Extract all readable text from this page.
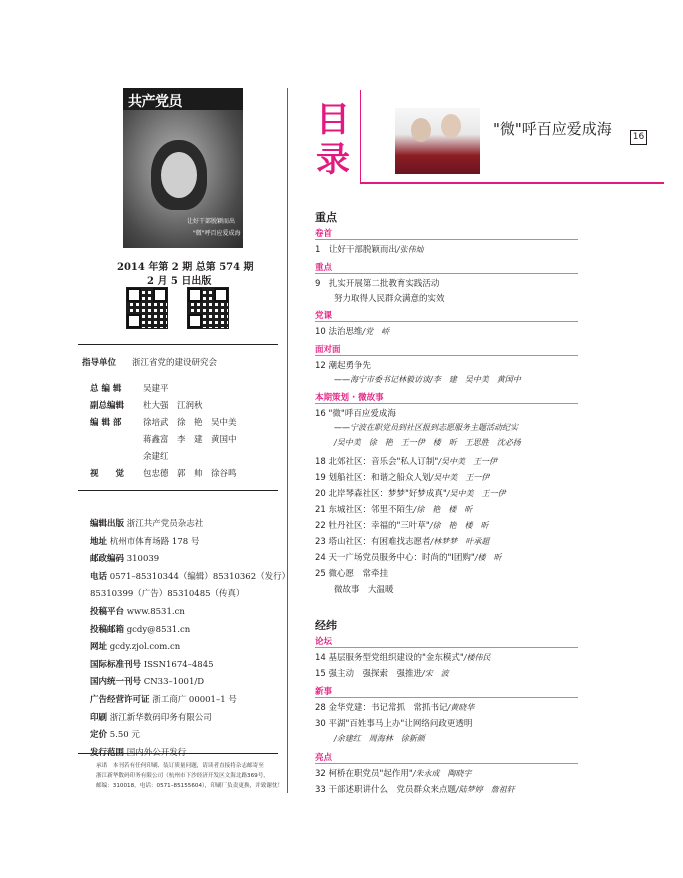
共产党员
让好干部脱颖而出
"微"呼百应爱成海
2014 年第 2 期 总第 574 期
2 月 5 日出版
指导单位 浙江省党的建设研究会
总 编 辑	吴建平
副总编辑 杜大强　江润秋
编 辑 部	徐培武　徐　艳　吴中美
蒋鑫富　李　建　黄国中
余建红
视　　觉 包忠德　郭　帅　徐谷鸣
编辑出版 浙江共产党员杂志社
地址 杭州市体育场路 178 号
邮政编码 310039
电话 0571–85310344（编辑）85310362（发行）
85310399（广告）85310485（传真）
投稿平台 www.8531.cn
投稿邮箱 gcdy@8531.cn
网址 gcdy.zjol.com.cn
国际标准刊号 ISSN1674–4845
国内统一刊号 CN33–1001/D
广告经营许可证 浙工商广 00001–1 号
印刷 浙江新华数码印务有限公司
定价 5.50 元
发行范围 国内外公开发行
承诺　本刊若有任何印刷、装订质量问题，请读者直接将杂志邮寄至
浙江新华数码印务有限公司（杭州市下沙经济开发区文海北路369号，
邮编：310018，电话：0571–85155604），印刷厂负责更换，并致谢忱！
目
录
"微"呼百应爱成海	16
重点
卷首
1　让好干部脱颖而出/张伟灿
重点
9　扎实开展第二批教育实践活动
努力取得人民群众满意的实效
党课
10 法治思维/党　峤
面对面
12 潮起勇争先
——海宁市委书记林毅访谈/李　建　吴中美　黄国中
本期策划 · 微故事
16 "微"呼百应爱成海
——宁波在职党员到社区报到志愿服务主题活动纪实
/吴中美　徐　艳　王一伊　楼　昕　王思胜　沈必扬
18 北郊社区：音乐会"私人订制"/吴中美　王一伊
19 划船社区：和谐之船众人划/吴中美　王一伊
20 北岸琴森社区：梦梦"好梦成真"/吴中美　王一伊
21 东城社区：邻里不陌生/徐　艳　楼　昕
22 牡丹社区：幸福的"三叶草"/徐　艳　楼　昕
23 塔山社区：有困难找志愿者/林梦梦　叶承超
24 天一广场党员服务中心：时尚的"I团购"/楼　昕
25 微心愿　常牵挂
微故事　大温暖
经纬
论坛
14 基层服务型党组织建设的"金东模式"/楼伟民
15 强主动　强探索　强推进/宋　波
新事
28 金华党建：书记常抓　常抓书记/黄晓华
30 平湖"百姓事马上办"让网络问政更透明
/余建红　周海林　徐新颜
亮点
32 柯桥在职党员"起作用"/朱永成　陶晓宇
33 干部述职讲什么　党员群众来点题/陆梦婷　詹祖轩
